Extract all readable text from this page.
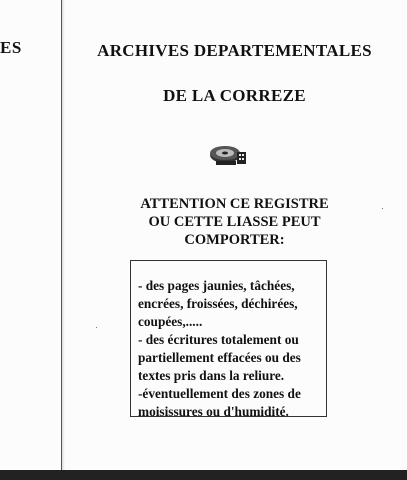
ES	ARCHIVES DEPARTEMENTALES
DE LA CORREZE
ATTENTION CE REGISTRE
OU CETTE LIASSE PEUT
COMPORTER:
- des pages jaunies, tâchées,
encrées, froissées, déchirées,
coupées,.....
- des écritures totalement ou
partiellement effacées ou des
textes pris dans la reliure.
-éventuellement des zones de
moisissures ou d'humidité.
